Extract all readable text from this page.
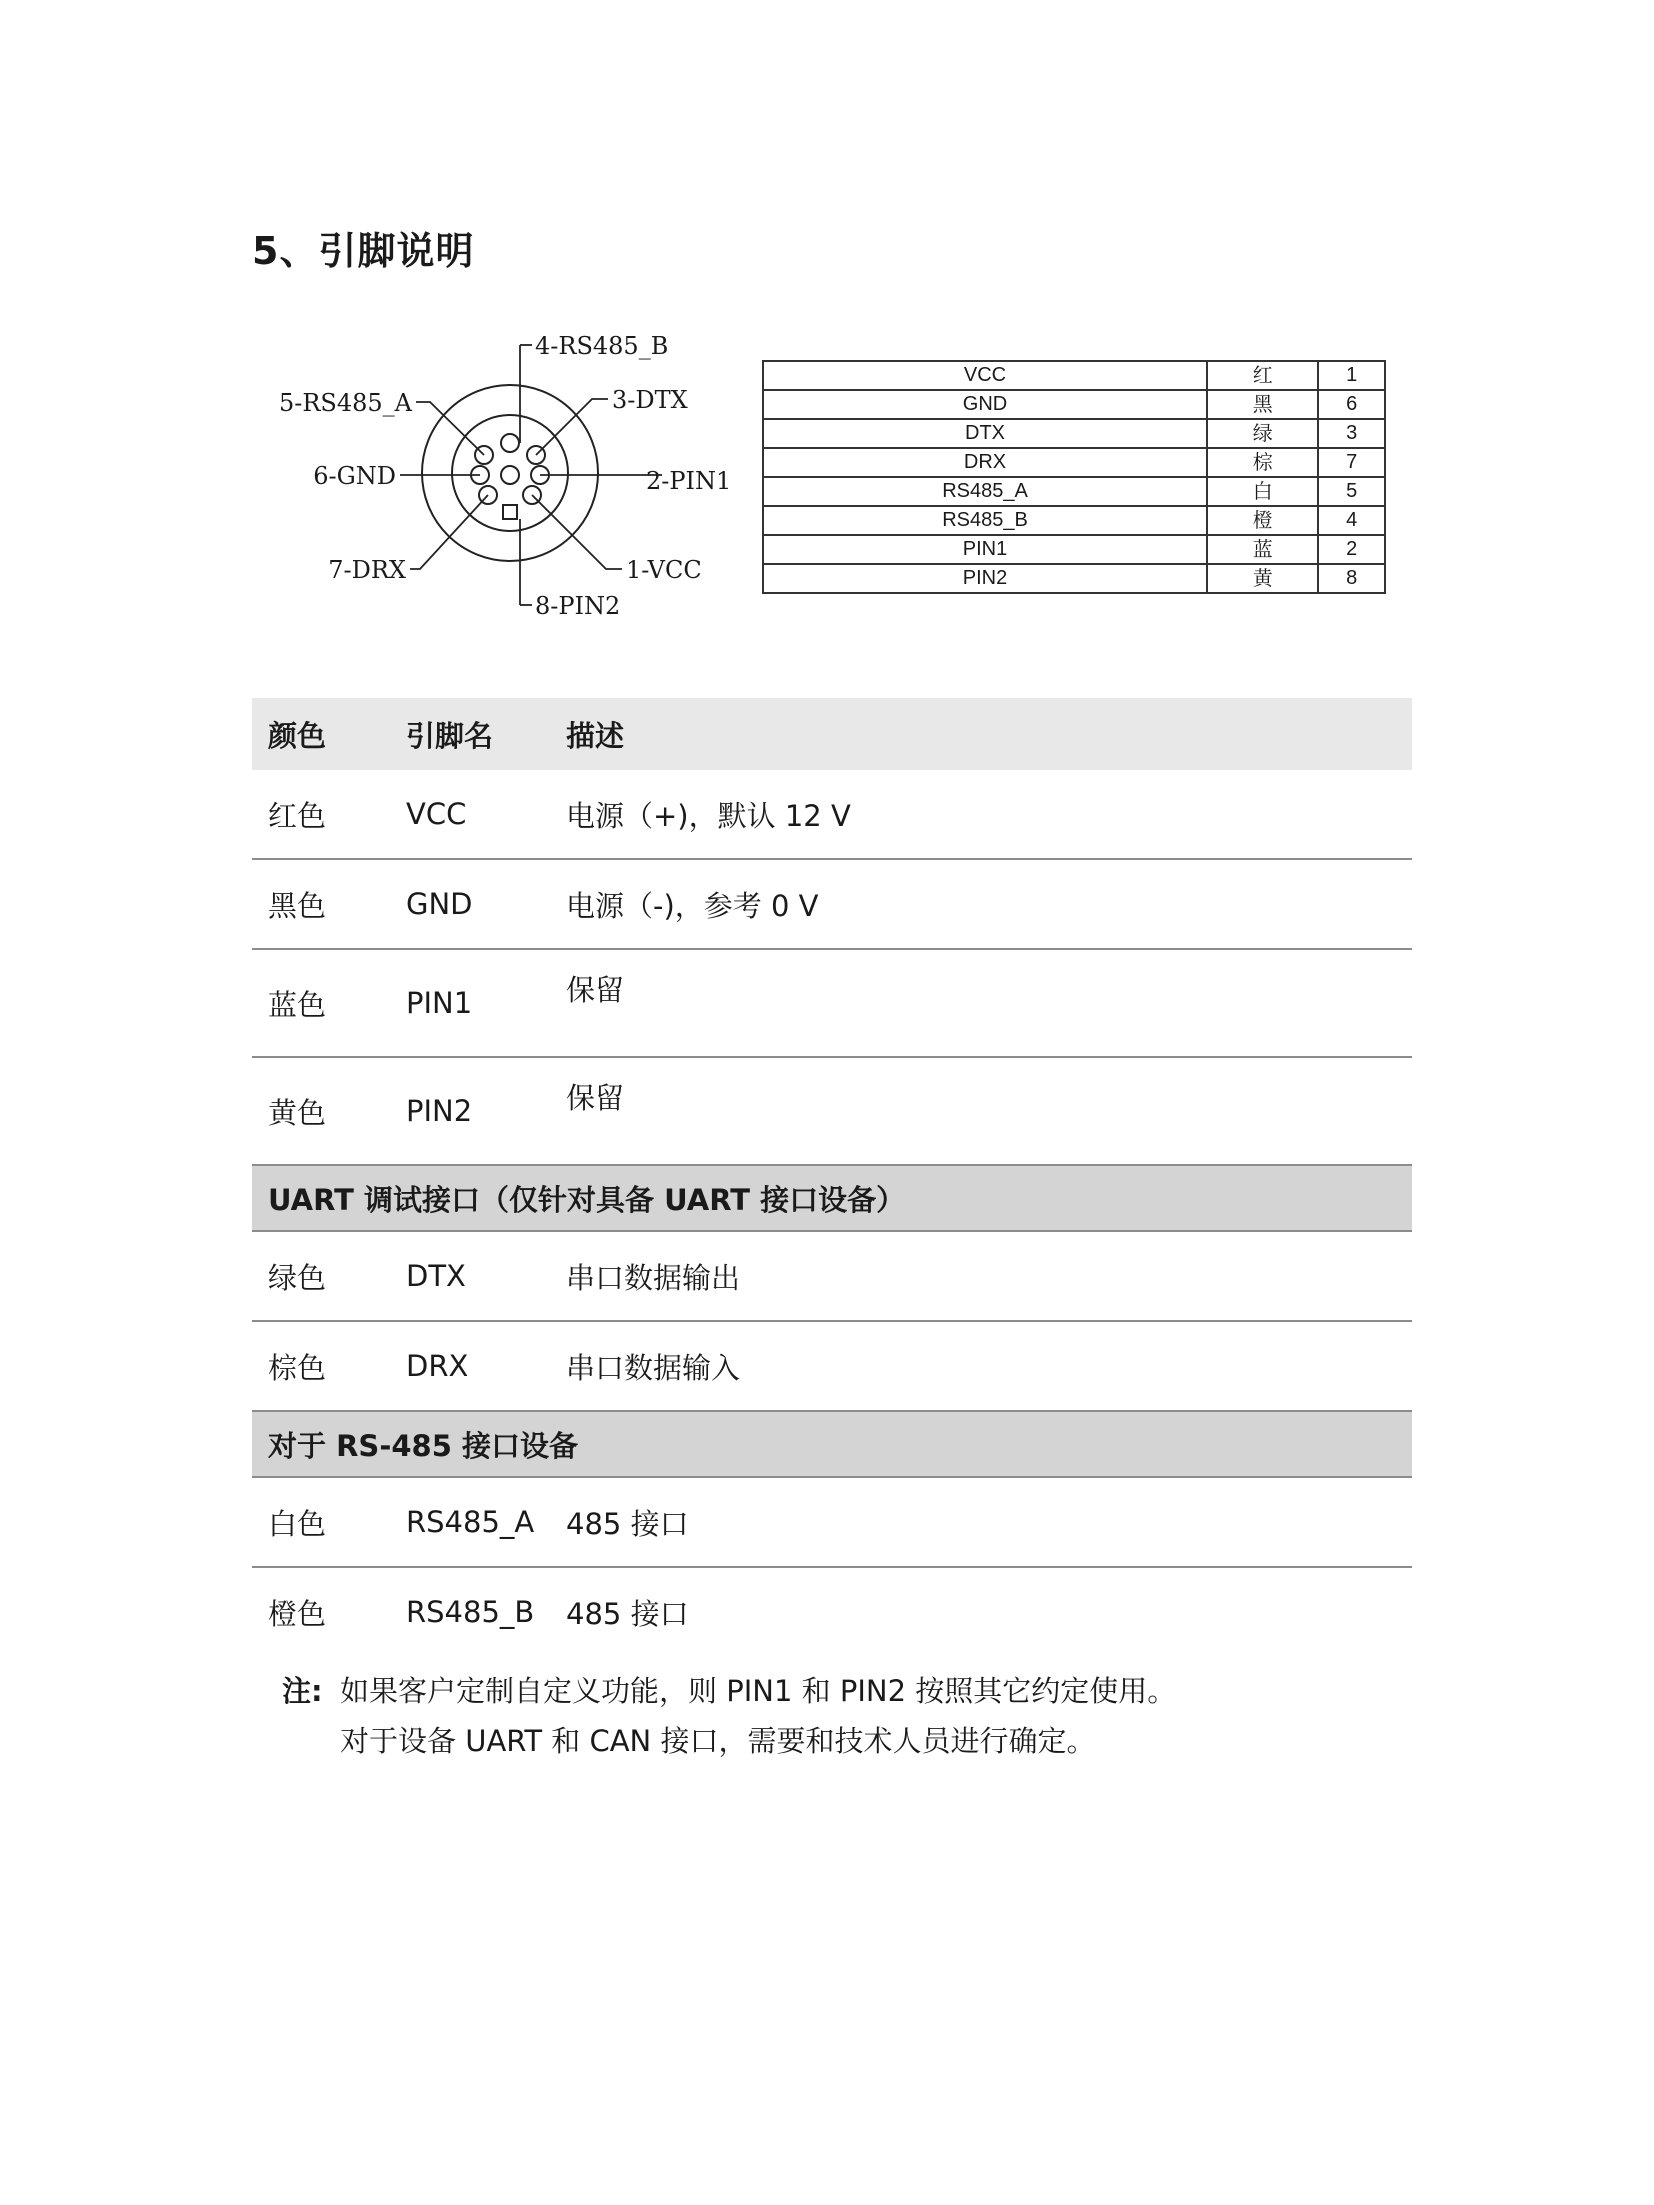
5、引脚说明
4-RS485_B
3-DTX
5-RS485_A
6-GND	2-PIN1
7-DRX	1-VCC
8-PIN2
VCC	红	1
GND	黑	6
DTX	绿	3
DRX	棕	7
RS485_A	白	5
RS485_B	橙	4
PIN1	蓝	2
PIN2	黄	8
颜色	引脚名	描述
红色	VCC	电源（+)，默认 12 V
黑色	GND	电源（-)，参考 0 V
蓝色	PIN1	保留
黄色	PIN2	保留
UART 调试接口（仅针对具备 UART 接口设备）		
绿色	DTX	串口数据输出
棕色	DRX	串口数据输入
对于 RS-485 接口设备		
白色	RS485_A	485 接口
橙色	RS485_B	485 接口
注: 如果客户定制自定义功能，则 PIN1 和 PIN2 按照其它约定使用。
对于设备 UART 和 CAN 接口，需要和技术人员进行确定。
